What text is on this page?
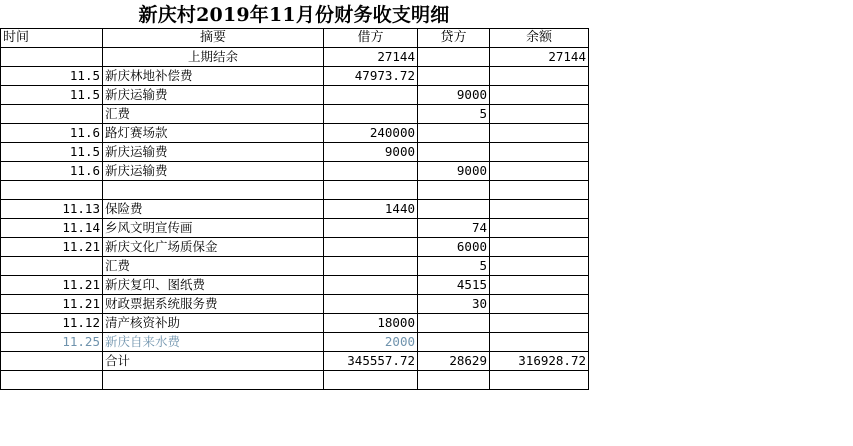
新庆村2019年11月份财务收支明细
时间	摘要	借方	贷方	余额
	上期结余	27144		27144
11.5	新庆林地补偿费	47973.72		
11.5	新庆运输费		9000	
	汇费		5	
11.6	路灯赛场款	240000		
11.5	新庆运输费	9000		
11.6	新庆运输费		9000	

11.13	保险费	1440		
11.14	乡风文明宣传画		74	
11.21	新庆文化广场质保金		6000	
	汇费		5	
11.21	新庆复印、图纸费		4515	
11.21	财政票据系统服务费		30	
11.12	清产核资补助	18000		
11.25	新庆自来水费	2000		
	合计	345557.72	28629	316928.72
